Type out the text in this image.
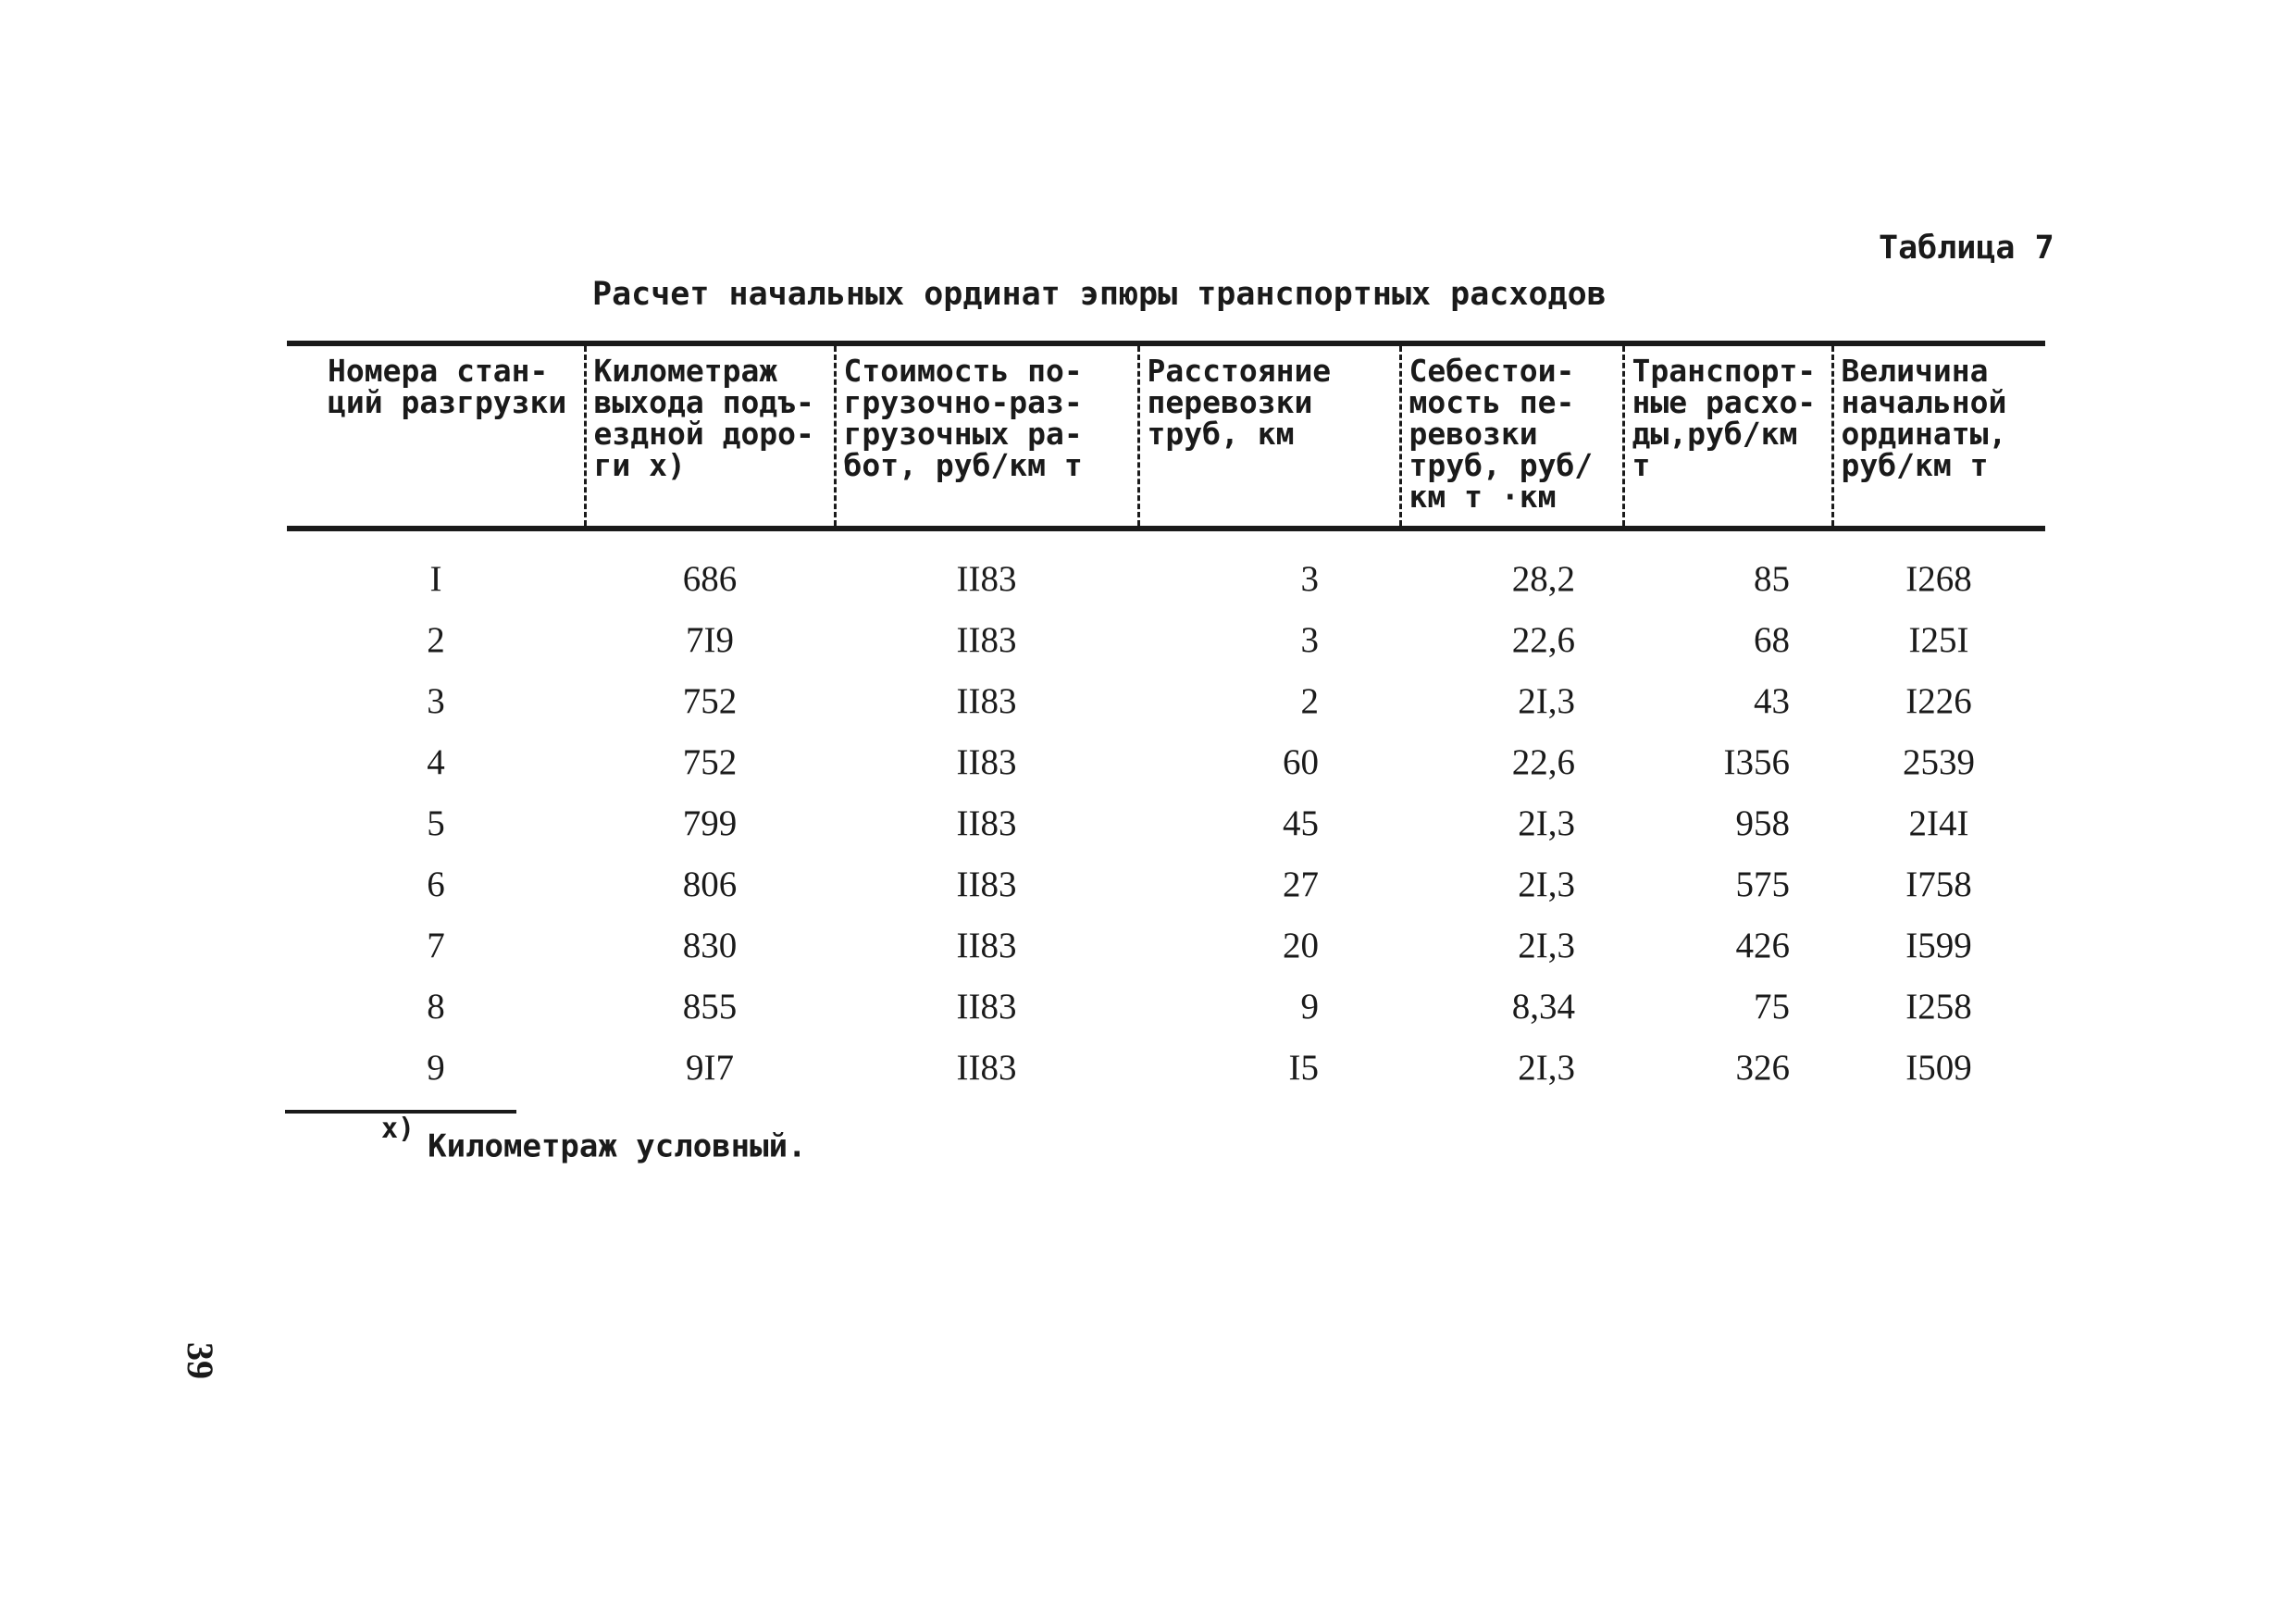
Таблица 7
Расчет начальных ординат эпюры транспортных расходов
Номера стан-ций разгрузки	Километраж выхода подъ-ездной доро-ги х)	Стоимость по-грузочно-раз-грузочных ра-бот, руб/км т	Расстояние перевозки труб, км	Себестои-мость пе-ревозки труб, руб/км т ·км	Транспорт-ные расхо-ды,руб/км т	Величина начальной ординаты, руб/км т
I	686	II83	3	28,2	85	I268
2	7I9	II83	3	22,6	68	I25I
3	752	II83	2	2I,3	43	I226
4	752	II83	60	22,6	I356	2539
5	799	II83	45	2I,3	958	2I4I
6	806	II83	27	2I,3	575	I758
7	830	II83	20	2I,3	426	I599
8	855	II83	9	8,34	75	I258
9	9I7	II83	I5	2I,3	326	I509
$^{х)}$ Километраж условный.
39
